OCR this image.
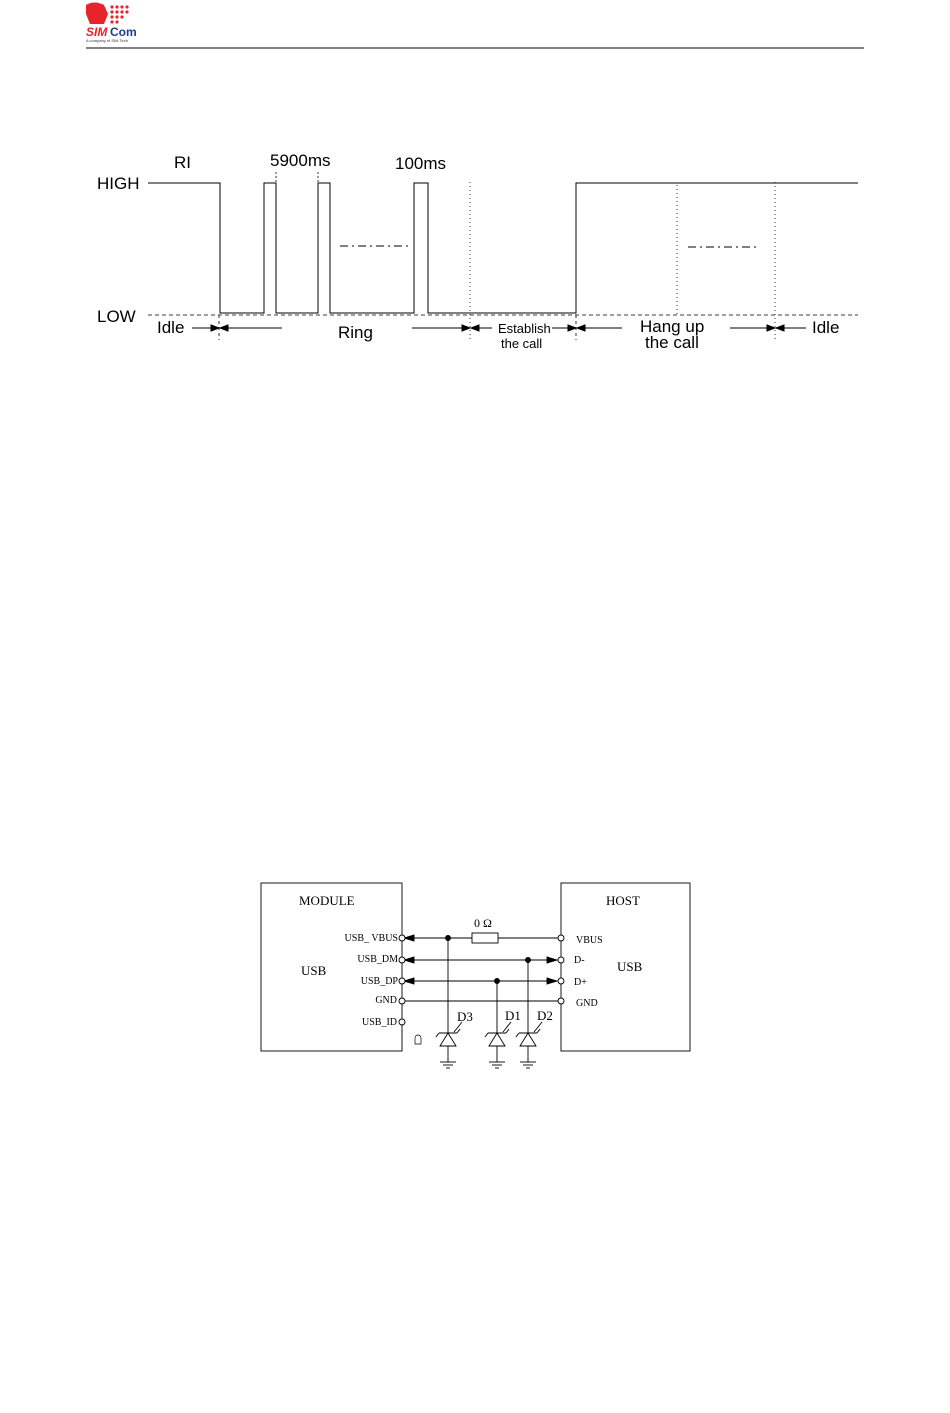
SIM Com
A company of SIM Tech
RI
HIGH
LOW
5900ms	100ms
Idle	Ring	Establish
the call
Hang up
the call
Idle
MODULE
USB
HOST
USB
USB_ VBUS
USB_DM
USB_DP
GND
USB_ID
VBUS
D-
D+
GND
0 Ω
D3 D1 D2
